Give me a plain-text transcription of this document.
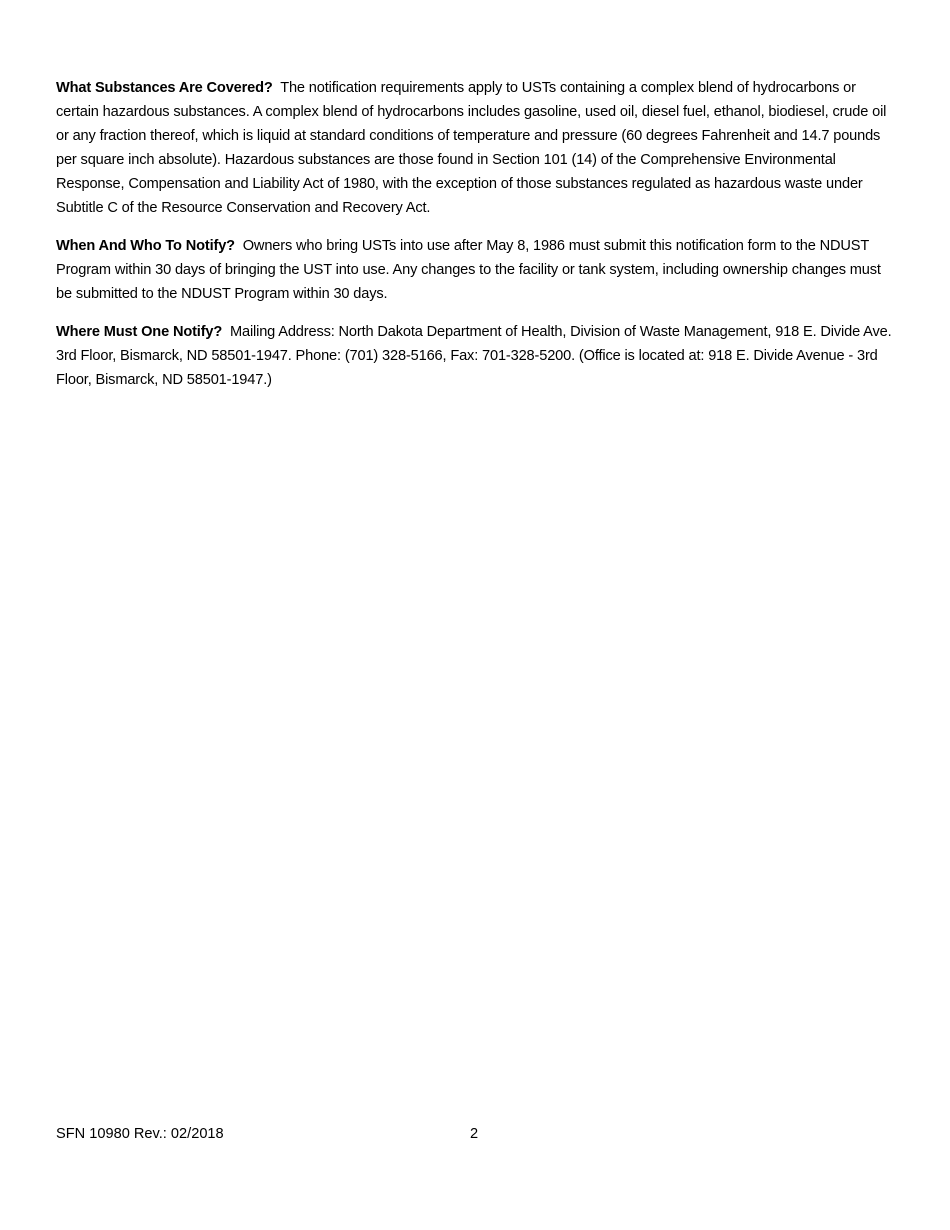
What Substances Are Covered? The notification requirements apply to USTs containing a complex blend of hydrocarbons or certain hazardous substances. A complex blend of hydrocarbons includes gasoline, used oil, diesel fuel, ethanol, biodiesel, crude oil or any fraction thereof, which is liquid at standard conditions of temperature and pressure (60 degrees Fahrenheit and 14.7 pounds per square inch absolute). Hazardous substances are those found in Section 101 (14) of the Comprehensive Environmental Response, Compensation and Liability Act of 1980, with the exception of those substances regulated as hazardous waste under Subtitle C of the Resource Conservation and Recovery Act.

When And Who To Notify? Owners who bring USTs into use after May 8, 1986 must submit this notification form to the NDUST Program within 30 days of bringing the UST into use. Any changes to the facility or tank system, including ownership changes must be submitted to the NDUST Program within 30 days.

Where Must One Notify? Mailing Address: North Dakota Department of Health, Division of Waste Management, 918 E. Divide Ave. 3rd Floor, Bismarck, ND 58501-1947. Phone: (701) 328-5166, Fax: 701-328-5200. (Office is located at: 918 E. Divide Avenue - 3rd Floor, Bismarck, ND 58501-1947.)

SFN 10980 Rev.: 02/2018	2
